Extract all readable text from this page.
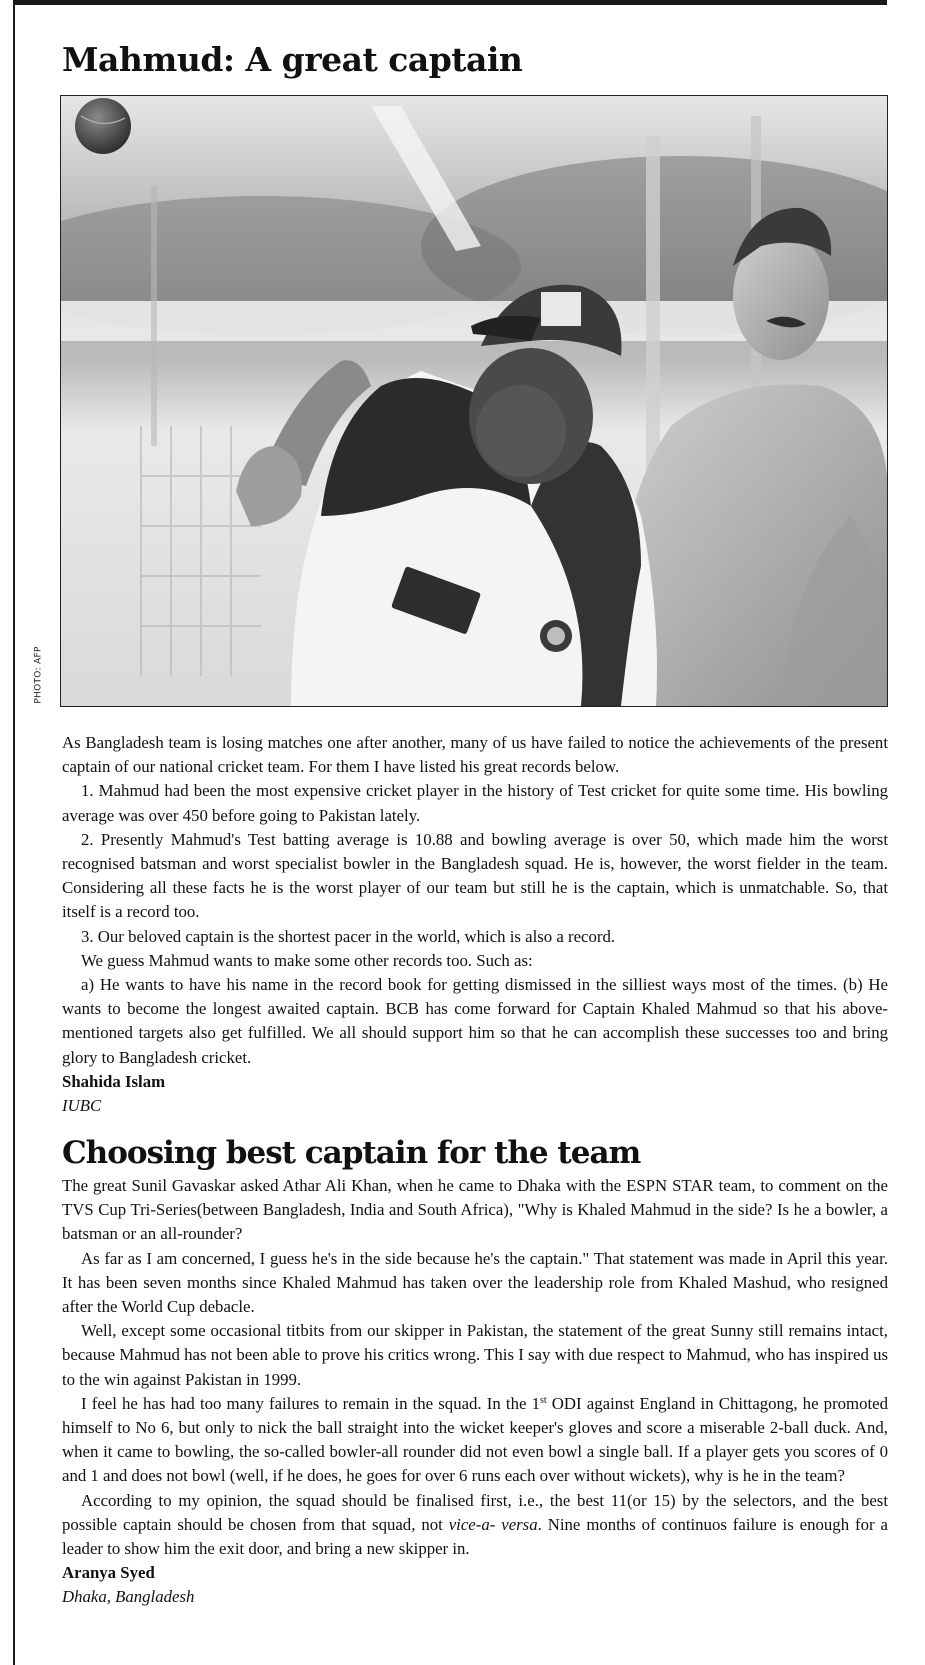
Mahmud: A great captain
PHOTO: AFP

As Bangladesh team is losing matches one after another, many of us have failed to notice the achievements of the present captain of our national cricket team. For them I have listed his great records below.

1. Mahmud had been the most expensive cricket player in the history of Test cricket for quite some time. His bowling average was over 450 before going to Pakistan lately.

2. Presently Mahmud's Test batting average is 10.88 and bowling average is over 50, which made him the worst recognised batsman and worst specialist bowler in the Bangladesh squad. He is, however, the worst fielder in the team. Considering all these facts he is the worst player of our team but still he is the captain, which is unmatchable. So, that itself is a record too.

3. Our beloved captain is the shortest pacer in the world, which is also a record.

We guess Mahmud wants to make some other records too. Such as:

a) He wants to have his name in the record book for getting dismissed in the silliest ways most of the times. (b) He wants to become the longest awaited captain. BCB has come forward for Captain Khaled Mahmud so that his above-mentioned targets also get fulfilled. We all should support him so that he can accomplish these successes too and bring glory to Bangladesh cricket.

Shahida Islam

IUBC

Choosing best captain for the team

The great Sunil Gavaskar asked Athar Ali Khan, when he came to Dhaka with the ESPN STAR team, to comment on the TVS Cup Tri-Series(between Bangladesh, India and South Africa), "Why is Khaled Mahmud in the side? Is he a bowler, a batsman or an all-rounder?

As far as I am concerned, I guess he's in the side because he's the captain." That statement was made in April this year. It has been seven months since Khaled Mahmud has taken over the leadership role from Khaled Mashud, who resigned after the World Cup debacle.

Well, except some occasional titbits from our skipper in Pakistan, the statement of the great Sunny still remains intact, because Mahmud has not been able to prove his critics wrong. This I say with due respect to Mahmud, who has inspired us to the win against Pakistan in 1999.

I feel he has had too many failures to remain in the squad. In the 1st ODI against England in Chittagong, he promoted himself to No 6, but only to nick the ball straight into the wicket keeper's gloves and score a miserable 2-ball duck. And, when it came to bowling, the so-called bowler-all rounder did not even bowl a single ball. If a player gets you scores of 0 and 1 and does not bowl (well, if he does, he goes for over 6 runs each over without wickets), why is he in the team?

According to my opinion, the squad should be finalised first, i.e., the best 11(or 15) by the selectors, and the best possible captain should be chosen from that squad, not vice-a- versa. Nine months of continuos failure is enough for a leader to show him the exit door, and bring a new skipper in.

Aranya Syed

Dhaka, Bangladesh
